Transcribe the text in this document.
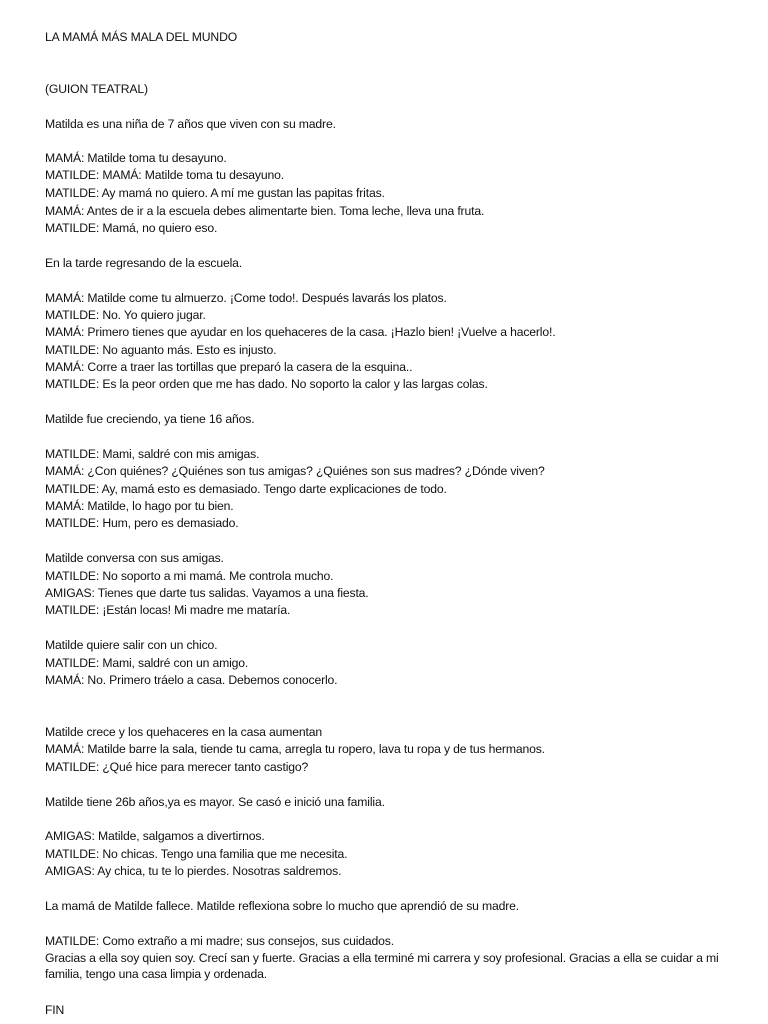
LA MAMÁ MÁS MALA DEL MUNDO
(GUION TEATRAL)
Matilda es una niña de 7 años que viven con su madre.
MAMÁ: Matilde toma tu desayuno.
MATILDE: MAMÁ: Matilde toma tu desayuno.
MATILDE: Ay mamá no quiero. A mí me gustan las papitas fritas.
MAMÁ: Antes de ir a la escuela debes alimentarte bien. Toma leche, lleva una fruta.
MATILDE: Mamá, no quiero eso.
En la tarde regresando de la escuela.
MAMÁ: Matilde come tu almuerzo. ¡Come todo!. Después lavarás los platos.
MATILDE: No. Yo quiero jugar.
MAMÁ: Primero tienes que ayudar en los quehaceres de la casa. ¡Hazlo bien! ¡Vuelve a hacerlo!.
MATILDE: No aguanto más. Esto es injusto.
MAMÁ: Corre a traer las tortillas que preparó la casera de la esquina..
MATILDE: Es la peor orden que me has dado. No soporto la calor y las largas colas.
Matilde fue creciendo, ya tiene 16 años.
MATILDE: Mami, saldré con mis amigas.
MAMÁ: ¿Con quiénes? ¿Quiénes son tus amigas? ¿Quiénes son sus madres? ¿Dónde viven?
MATILDE: Ay, mamá esto es demasiado. Tengo darte explicaciones de todo.
MAMÁ: Matilde, lo hago por tu bien.
MATILDE: Hum, pero es demasiado.
Matilde conversa con sus amigas.
MATILDE: No soporto a mi mamá. Me controla mucho.
AMIGAS: Tienes que darte tus salidas. Vayamos a una fiesta.
MATILDE: ¡Están locas! Mi madre me mataría.
Matilde quiere salir con un chico.
MATILDE: Mami, saldré con un amigo.
MAMÁ: No. Primero tráelo a casa. Debemos conocerlo.
Matilde crece y los quehaceres en la casa aumentan
MAMÁ: Matilde barre la sala, tiende tu cama, arregla tu ropero, lava tu ropa y de tus hermanos.
MATILDE: ¿Qué hice para merecer tanto castigo?
Matilde tiene 26b años,ya es mayor. Se casó e inició una familia.
AMIGAS: Matilde, salgamos a divertirnos.
MATILDE: No chicas. Tengo una familia que me necesita.
AMIGAS: Ay chica, tu te lo pierdes. Nosotras saldremos.
La mamá de Matilde fallece. Matilde reflexiona sobre lo mucho que aprendió de su madre.
MATILDE: Como extraño a mi madre; sus consejos, sus cuidados.
Gracias a ella soy quien soy. Crecí san y fuerte. Gracias a ella terminé mi carrera y soy profesional. Gracias a ella se cuidar a mi familia, tengo una casa limpia y ordenada.
FIN
